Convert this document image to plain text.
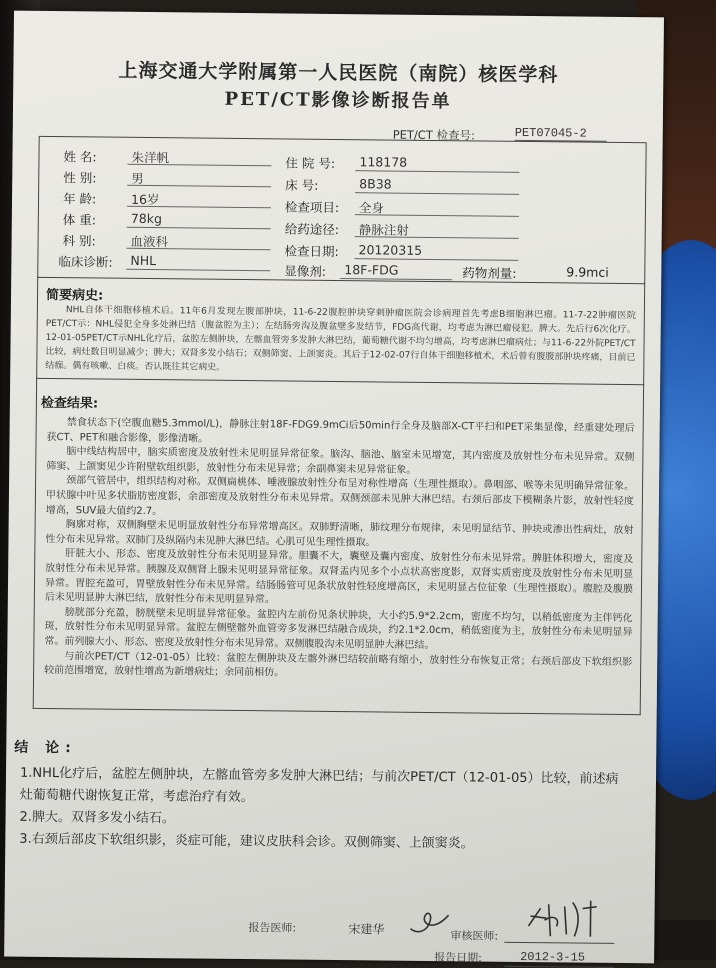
上海交通大学附属第一人民医院（南院）核医学科
PET/CT影像诊断报告单
PET/CT 检查号:	PET07045-2
姓 名:	朱洋帆
性 别:	男
年 龄:	16岁
体 重:	78kg
科 别:	血液科
临床诊断:	NHL
住 院 号:	118178
床 号:	8B38
检查项目:	全身
给药途径:	静脉注射
检查日期:	20120315
显像剂:	18F-FDG	药物剂量:	9.9mci
简要病史:
NHL自体干细胞移植术后。11年6月发现左腹部肿块，11-6-22腹腔肿块穿刺肿瘤医院会诊病理首先考虑B细胞淋巴瘤。11-7-22肿瘤医院PET/CT示：NHL侵犯全身多处淋巴结（腹盆腔为主）；左结肠旁沟及腹盆壁多发结节，FDG高代谢，均考虑为淋巴瘤侵犯。脾大。先后行6次化疗。12-01-05PET/CT示NHL化疗后，盆腔左侧肿块，左髂血管旁多发肿大淋巴结，葡萄糖代谢不均匀增高，均考虑淋巴瘤病灶；与11-6-22外院PET/CT比较，病灶数目明显减少；脾大；双肾多发小结石；双侧筛窦、上颌窦炎。其后于12-02-07行自体干细胞移植术，术后曾有腹腹部肿块疼痛，目前已结痂。偶有咳嗽、白痰。否认既往其它病史。
检查结果:

禁食状态下(空腹血糖5.3mmol/L)，静脉注射18F-FDG9.9mCi后50min行全身及脑部X-CT平扫和PET采集显像，经重建处理后获CT、PET和融合影像，影像清晰。

脑中线结构居中，脑实质密度及放射性未见明显异常征象。脑沟、脑池、脑室未见增宽，其内密度及放射性分布未见异常。双侧筛窦、上颌窦见少许附壁软组织影，放射性分布未见异常；余副鼻窦未见异常征象。

颈部气管居中，组织结构对称。双侧扁桃体、唾液腺放射性分布呈对称性增高（生理性摄取）。鼻咽部、喉等未见明确异常征象。甲状腺中叶见多状脂肪密度影，余部密度及放射性分布未见异常。双侧颈部未见肿大淋巴结。右颈后部皮下模糊条片影，放射性轻度增高，SUV最大值约2.7。

胸廓对称，双侧胸壁未见明显放射性分布异常增高区。双肺野清晰，肺纹理分布规律，未见明显结节、肿块或渗出性病灶，放射性分布未见异常。双肺门及纵隔内未见肿大淋巴结。心肌可见生理性摄取。

肝脏大小、形态、密度及放射性分布未见明显异常。胆囊不大，囊壁及囊内密度、放射性分布未见异常。脾脏体积增大，密度及放射性分布未见异常。胰腺及双侧肾上腺未见明显异常征象。双肾盂内见多个小点状高密度影，双肾实质密度及放射性分布未见明显异常。胃腔充盈可，胃壁放射性分布未见异常。结肠肠管可见条状放射性轻度增高区，未见明显占位征象（生理性摄取）。腹腔及腹膜后未见明显肿大淋巴结，放射性分布未见明显异常。

膀胱部分充盈，膀胱壁未见明显异常征象。盆腔内左前份见条状肿块，大小约5.9*2.2cm，密度不均匀，以稍低密度为主伴钙化斑，放射性分布未见明显异常。盆腔左侧壁髂外血管旁多发淋巴结融合成块，约2.1*2.0cm，稍低密度为主，放射性分布未见明显异常。前列腺大小、形态、密度及放射性分布未见异常。双侧腹股沟未见明显肿大淋巴结。

与前次PET/CT（12-01-05）比较：盆腔左侧肿块及左髂外淋巴结较前略有缩小，放射性分布恢复正常；右颈后部皮下软组织影较前范围增宽，放射性增高为新增病灶；余同前相仿。

结 论:
1.NHL化疗后，盆腔左侧肿块，左髂血管旁多发肿大淋巴结；与前次PET/CT（12-01-05）比较，前述病灶葡萄糖代谢恢复正常，考虑治疗有效。
2.脾大。双肾多发小结石。
3.右颈后部皮下软组织影，炎症可能，建议皮肤科会诊。双侧筛窦、上颌窦炎。
报告医师:	宋建华	审核医师:
报告日期:	2012-3-15
